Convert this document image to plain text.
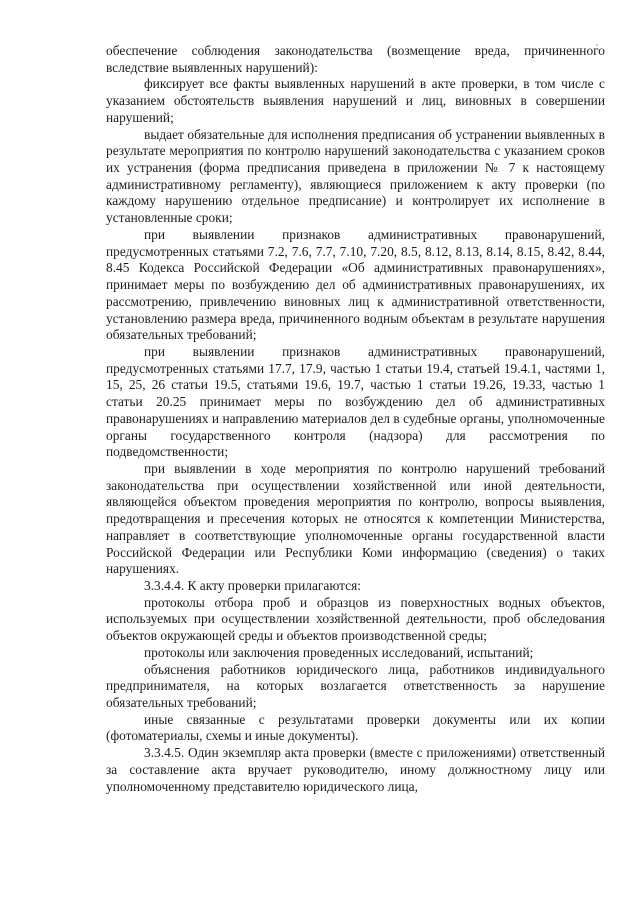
обеспечение соблюдения законодательства (возмещение вреда, причиненного вследствие выявленных нарушений):

фиксирует все факты выявленных нарушений в акте проверки, в том числе с указанием обстоятельств выявления нарушений и лиц, виновных в совершении нарушений;

выдает обязательные для исполнения предписания об устранении выявленных в результате мероприятия по контролю нарушений законодательства с указанием сроков их устранения (форма предписания приведена в приложении № 7 к настоящему административному регламенту), являющиеся приложением к акту проверки (по каждому нарушению отдельное предписание) и контролирует их исполнение в установленные сроки;

при выявлении признаков административных правонарушений, предусмотренных статьями 7.2, 7.6, 7.7, 7.10, 7.20, 8.5, 8.12, 8.13, 8.14, 8.15, 8.42, 8.44, 8.45 Кодекса Российской Федерации «Об административных правонарушениях», принимает меры по возбуждению дел об административных правонарушениях, их рассмотрению, привлечению виновных лиц к административной ответственности, установлению размера вреда, причиненного водным объектам в результате нарушения обязательных требований;

при выявлении признаков административных правонарушений, предусмотренных статьями 17.7, 17.9, частью 1 статьи 19.4, статьей 19.4.1, частями 1, 15, 25, 26 статьи 19.5, статьями 19.6, 19.7, частью 1 статьи 19.26, 19.33, частью 1 статьи 20.25 принимает меры по возбуждению дел об административных правонарушениях и направлению материалов дел в судебные органы, уполномоченные органы государственного контроля (надзора) для рассмотрения по подведомственности;

при выявлении в ходе мероприятия по контролю нарушений требований законодательства при осуществлении хозяйственной или иной деятельности, являющейся объектом проведения мероприятия по контролю, вопросы выявления, предотвращения и пресечения которых не относятся к компетенции Министерства, направляет в соответствующие уполномоченные органы государственной власти Российской Федерации или Республики Коми информацию (сведения) о таких нарушениях.

3.3.4.4. К акту проверки прилагаются:

протоколы отбора проб и образцов из поверхностных водных объектов, используемых при осуществлении хозяйственной деятельности, проб обследования объектов окружающей среды и объектов производственной среды;

протоколы или заключения проведенных исследований, испытаний;

объяснения работников юридического лица, работников индивидуального предпринимателя, на которых возлагается ответственность за нарушение обязательных требований;

иные связанные с результатами проверки документы или их копии (фотоматериалы, схемы и иные документы).

3.3.4.5. Один экземпляр акта проверки (вместе с приложениями) ответственный за составление акта вручает руководителю, иному должностному лицу или уполномоченному представителю юридического лица,
